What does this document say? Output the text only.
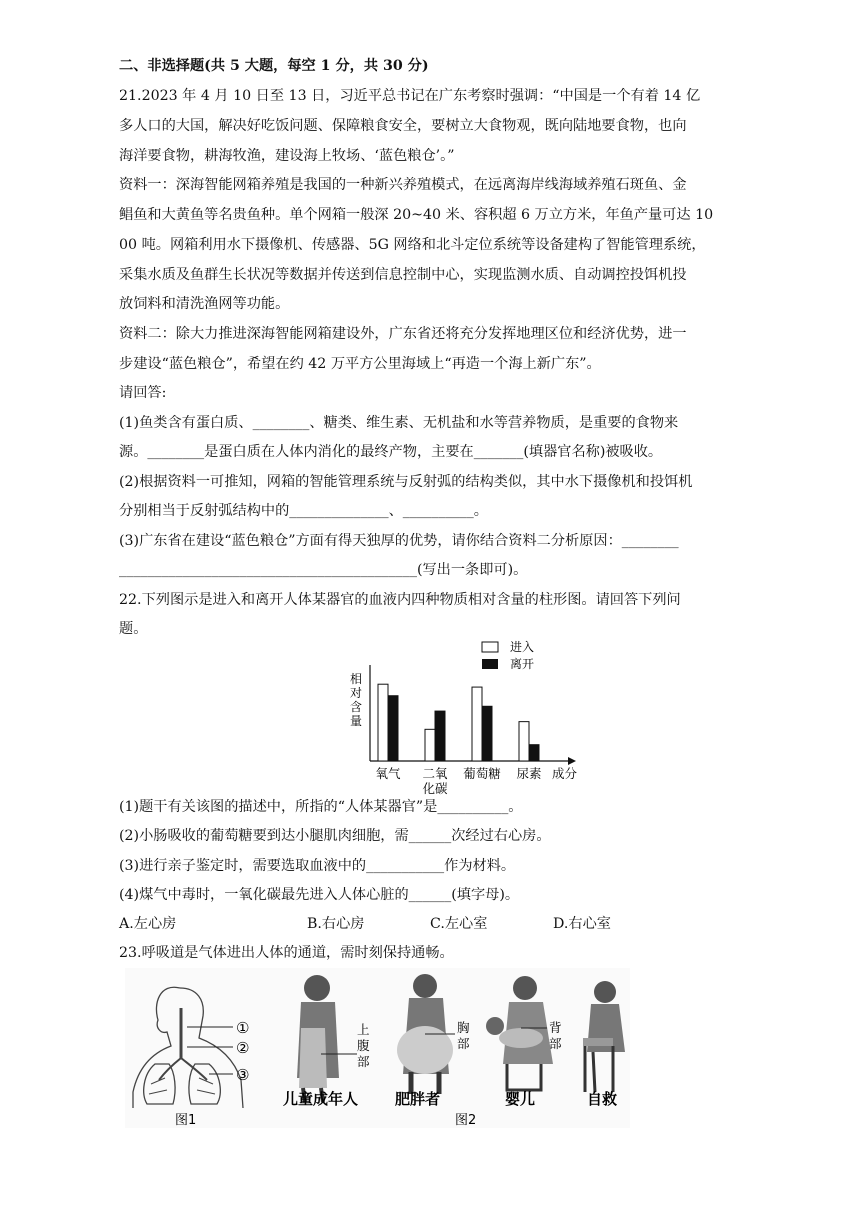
二、非选择题(共 5 大题，每空 1 分，共 30 分)
21.2023 年 4 月 10 日至 13 日，习近平总书记在广东考察时强调：“中国是一个有着 14 亿
多人口的大国，解决好吃饭问题、保障粮食安全，要树立大食物观，既向陆地要食物，也向
海洋要食物，耕海牧渔，建设海上牧场、‘蓝色粮仓’。”
资料一：深海智能网箱养殖是我国的一种新兴养殖模式，在远离海岸线海域养殖石斑鱼、金
鲳鱼和大黄鱼等名贵鱼种。单个网箱一般深 20~40 米、容积超 6 万立方米，年鱼产量可达 10
00 吨。网箱利用水下摄像机、传感器、5G 网络和北斗定位系统等设备建构了智能管理系统，
采集水质及鱼群生长状况等数据并传送到信息控制中心，实现监测水质、自动调控投饵机投
放饲料和清洗渔网等功能。
资料二：除大力推进深海智能网箱建设外，广东省还将充分发挥地理区位和经济优势，进一
步建设“蓝色粮仓”，希望在约 42 万平方公里海域上“再造一个海上新广东”。
请回答:
(1)鱼类含有蛋白质、________、糖类、维生素、无机盐和水等营养物质，是重要的食物来
源。________是蛋白质在人体内消化的最终产物，主要在_______(填器官名称)被吸收。
(2)根据资料一可推知，网箱的智能管理系统与反射弧的结构类似，其中水下摄像机和投饵机
分别相当于反射弧结构中的______________、__________。
(3)广东省在建设“蓝色粮仓”方面有得天独厚的优势，请你结合资料二分析原因：________
__________________________________________(写出一条即可)。
22.下列图示是进入和离开人体某器官的血液内四种物质相对含量的柱形图。请回答下列问
题。
相
对
含
量
成分
进入
离开
氧气 二氧
化碳
葡萄糖 尿素
(1)题干有关该图的描述中，所指的“人体某器官”是__________。
(2)小肠吸收的葡萄糖要到达小腿肌肉细胞，需______次经过右心房。
(3)进行亲子鉴定时，需要选取血液中的___________作为材料。
(4)煤气中毒时，一氧化碳最先进入人体心脏的______(填字母)。
A.左心房	B.右心房	C.左心室	D.右心室
23.呼吸道是气体进出人体的通道，需时刻保持通畅。
①
②
③
图1
上
腹
部
儿童成年人
胸
部
肥胖者
背
部
婴儿	自救
图2
